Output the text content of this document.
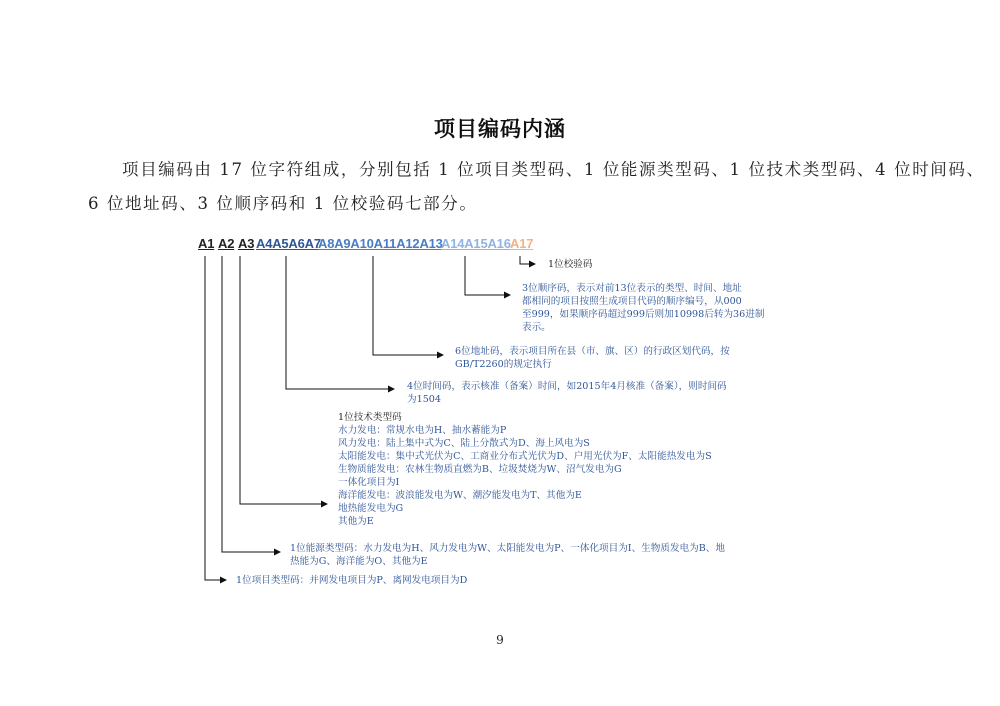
项目编码内涵
项目编码由 17 位字符组成，分别包括 1 位项目类型码、1 位能源类型码、1 位技术类型码、4 位时间码、
6 位地址码、3 位顺序码和 1 位校验码七部分。
A1 A2 A3 A4A5A6A7
A8A9A10A11A12A13
A14A15A16 A17
1位校验码
3位顺序码，表示对前13位表示的类型、时间、地址
都相同的项目按照生成项目代码的顺序编号，从000
至999，如果顺序码超过999后则加10998后转为36进制
表示。
6位地址码，表示项目所在县（市、旗、区）的行政区划代码，按
GB/T2260的规定执行
4位时间码，表示核准（备案）时间，如2015年4月核准（备案），则时间码
为1504
1位技术类型码
水力发电：常规水电为H、抽水蓄能为P
风力发电：陆上集中式为C、陆上分散式为D、海上风电为S
太阳能发电：集中式光伏为C、工商业分布式光伏为D、户用光伏为F、太阳能热发电为S
生物质能发电：农林生物质直燃为B、垃圾焚烧为W、沼气发电为G
一体化项目为I
海洋能发电：波浪能发电为W、潮汐能发电为T、其他为E
地热能发电为G
其他为E
1位能源类型码：水力发电为H、风力发电为W、太阳能发电为P、一体化项目为I、生物质发电为B、地
热能为G、海洋能为O、其他为E
1位项目类型码：并网发电项目为P、离网发电项目为D
9
